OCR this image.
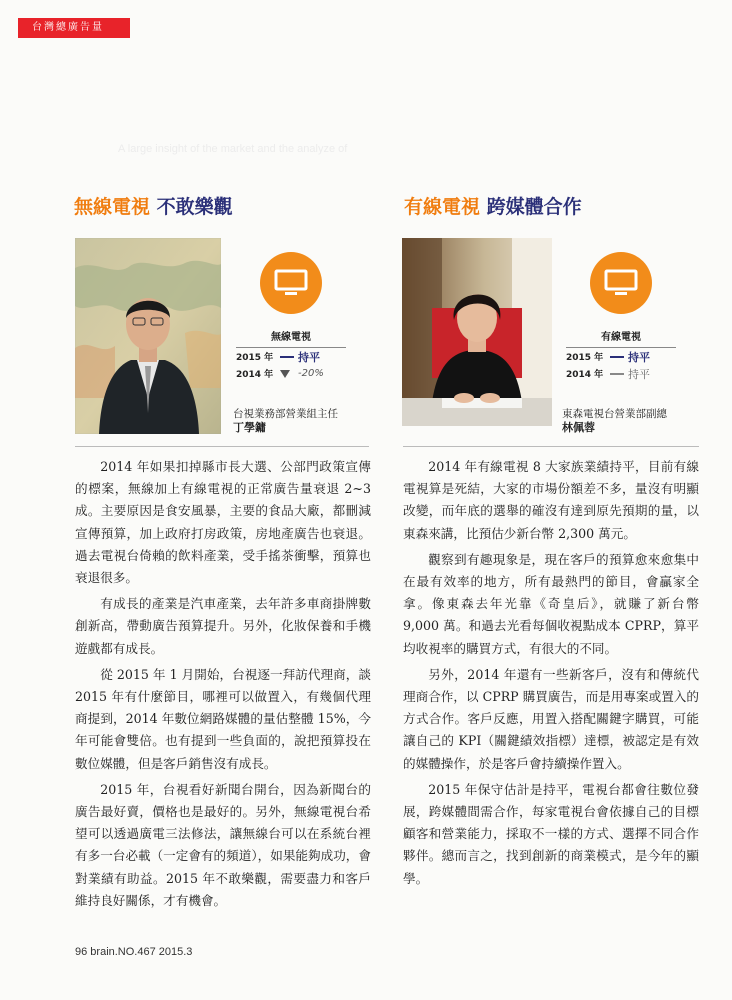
台灣總廣告量
A large insight of the market and the analyze of
無線電視 不敢樂觀
無線電視
2015 年	持平
2014 年	-20%
台視業務部營業組主任
丁學鏞

2014 年如果扣掉縣市長大選、公部門政策宣傳的標案，無線加上有線電視的正常廣告量衰退 2~3 成。主要原因是食安風暴，主要的食品大廠，都刪減宣傳預算，加上政府打房政策，房地產廣告也衰退。過去電視台倚賴的飲料產業，受手搖茶衝擊，預算也衰退很多。

有成長的產業是汽車產業，去年許多車商掛牌數創新高，帶動廣告預算提升。另外，化妝保養和手機遊戲都有成長。

從 2015 年 1 月開始，台視逐一拜訪代理商，談 2015 年有什麼節目，哪裡可以做置入，有幾個代理商提到，2014 年數位網路媒體的量估整體 15%，今年可能會雙倍。也有提到一些負面的，說把預算投在數位媒體，但是客戶銷售沒有成長。

2015 年，台視看好新聞台開台，因為新聞台的廣告最好賣，價格也是最好的。另外，無線電視台希望可以透過廣電三法修法，讓無線台可以在系統台裡有多一台必載（一定會有的頻道），如果能夠成功，會對業績有助益。2015 年不敢樂觀，需要盡力和客戶維持良好關係，才有機會。

有線電視 跨媒體合作
有線電視
2015 年	持平
2014 年	持平
東森電視台營業部副總
林佩蓉

2014 年有線電視 8 大家族業績持平，目前有線電視算是死結，大家的市場份額差不多，量沒有明顯改變，而年底的選舉的確沒有達到原先預期的量，以東森來講，比預估少新台幣 2,300 萬元。

觀察到有趣現象是，現在客戶的預算愈來愈集中在最有效率的地方，所有最熱門的節目，會贏家全拿。像東森去年光靠《奇皇后》，就賺了新台幣 9,000 萬。和過去光看每個收視點成本 CPRP，算平均收視率的購買方式，有很大的不同。

另外，2014 年還有一些新客戶，沒有和傳統代理商合作，以 CPRP 購買廣告，而是用專案或置入的方式合作。客戶反應，用置入搭配關鍵字購買，可能讓自己的 KPI（關鍵績效指標）達標，被認定是有效的媒體操作，於是客戶會持續操作置入。

2015 年保守估計是持平，電視台都會往數位發展，跨媒體間需合作，每家電視台會依據自己的目標顧客和營業能力，採取不一樣的方式、選擇不同合作夥伴。總而言之，找到創新的商業模式，是今年的顯學。

96 brain.NO.467 2015.3
